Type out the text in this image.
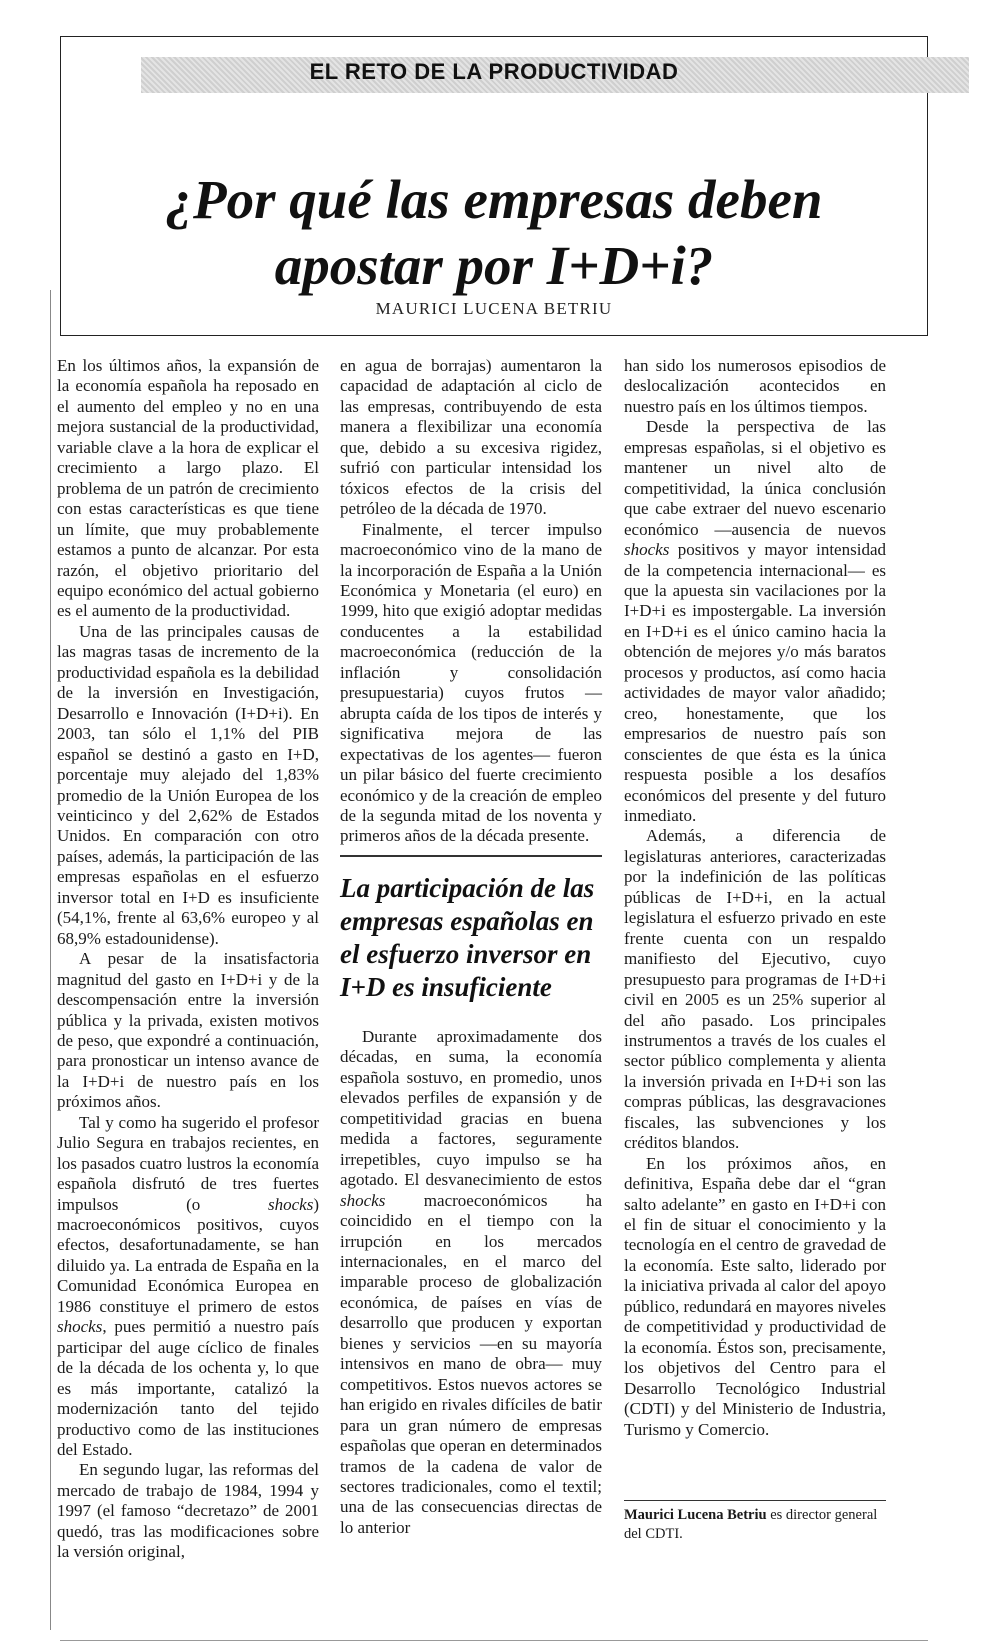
EL RETO DE LA PRODUCTIVIDAD
¿Por qué las empresas deben
apostar por I+D+i?
MAURICI LUCENA BETRIU

En los últimos años, la expansión de la economía española ha reposado en el aumento del empleo y no en una mejora sustancial de la productividad, variable clave a la hora de explicar el crecimiento a largo plazo. El problema de un patrón de crecimiento con estas características es que tiene un límite, que muy probablemente estamos a punto de alcanzar. Por esta razón, el objetivo prioritario del equipo económico del actual gobierno es el aumento de la productividad.

Una de las principales causas de las magras tasas de incremento de la productividad española es la debilidad de la inversión en Investigación, Desarrollo e Innovación (I+D+i). En 2003, tan sólo el 1,1% del PIB español se destinó a gasto en I+D, porcentaje muy alejado del 1,83% promedio de la Unión Europea de los veinticinco y del 2,62% de Estados Unidos. En comparación con otro países, además, la participación de las empresas españolas en el esfuerzo inversor total en I+D es insuficiente (54,1%, frente al 63,6% europeo y al 68,9% estadounidense).

A pesar de la insatisfactoria magnitud del gasto en I+D+i y de la descompensación entre la inversión pública y la privada, existen motivos de peso, que expondré a continuación, para pronosticar un intenso avance de la I+D+i de nuestro país en los próximos años.

Tal y como ha sugerido el profesor Julio Segura en trabajos recientes, en los pasados cuatro lustros la economía española disfrutó de tres fuertes impulsos (o shocks) macroeconómicos positivos, cuyos efectos, desafortunadamente, se han diluido ya. La entrada de España en la Comunidad Económica Europea en 1986 constituye el primero de estos shocks, pues permitió a nuestro país participar del auge cíclico de finales de la década de los ochenta y, lo que es más importante, catalizó la modernización tanto del tejido productivo como de las instituciones del Estado.

En segundo lugar, las reformas del mercado de trabajo de 1984, 1994 y 1997 (el famoso “decretazo” de 2001 quedó, tras las modificaciones sobre la versión original,

en agua de borrajas) aumentaron la capacidad de adaptación al ciclo de las empresas, contribuyendo de esta manera a flexibilizar una economía que, debido a su excesiva rigidez, sufrió con particular intensidad los tóxicos efectos de la crisis del petróleo de la década de 1970.

Finalmente, el tercer impulso macroeconómico vino de la mano de la incorporación de España a la Unión Económica y Monetaria (el euro) en 1999, hito que exigió adoptar medidas conducentes a la estabilidad macroeconómica (reducción de la inflación y consolidación presupuestaria) cuyos frutos —abrupta caída de los tipos de interés y significativa mejora de las expectativas de los agentes— fueron un pilar básico del fuerte crecimiento económico y de la creación de empleo de la segunda mitad de los noventa y primeros años de la década presente.

La participación de las empresas españolas en el esfuerzo inversor en I+D es insuficiente

Durante aproximadamente dos décadas, en suma, la economía española sostuvo, en promedio, unos elevados perfiles de expansión y de competitividad gracias en buena medida a factores, seguramente irrepetibles, cuyo impulso se ha agotado. El desvanecimiento de estos shocks macroeconómicos ha coincidido en el tiempo con la irrupción en los mercados internacionales, en el marco del imparable proceso de globalización económica, de países en vías de desarrollo que producen y exportan bienes y servicios —en su mayoría intensivos en mano de obra— muy competitivos. Estos nuevos actores se han erigido en rivales difíciles de batir para un gran número de empresas españolas que operan en determinados tramos de la cadena de valor de sectores tradicionales, como el textil; una de las consecuencias directas de lo anterior

han sido los numerosos episodios de deslocalización acontecidos en nuestro país en los últimos tiempos.

Desde la perspectiva de las empresas españolas, si el objetivo es mantener un nivel alto de competitividad, la única conclusión que cabe extraer del nuevo escenario económico —ausencia de nuevos shocks positivos y mayor intensidad de la competencia internacional— es que la apuesta sin vacilaciones por la I+D+i es impostergable. La inversión en I+D+i es el único camino hacia la obtención de mejores y/o más baratos procesos y productos, así como hacia actividades de mayor valor añadido; creo, honestamente, que los empresarios de nuestro país son conscientes de que ésta es la única respuesta posible a los desafíos económicos del presente y del futuro inmediato.

Además, a diferencia de legislaturas anteriores, caracterizadas por la indefinición de las políticas públicas de I+D+i, en la actual legislatura el esfuerzo privado en este frente cuenta con un respaldo manifiesto del Ejecutivo, cuyo presupuesto para programas de I+D+i civil en 2005 es un 25% superior al del año pasado. Los principales instrumentos a través de los cuales el sector público complementa y alienta la inversión privada en I+D+i son las compras públicas, las desgravaciones fiscales, las subvenciones y los créditos blandos.

En los próximos años, en definitiva, España debe dar el “gran salto adelante” en gasto en I+D+i con el fin de situar el conocimiento y la tecnología en el centro de gravedad de la economía. Este salto, liderado por la iniciativa privada al calor del apoyo público, redundará en mayores niveles de competitividad y productividad de la economía. Éstos son, precisamente, los objetivos del Centro para el Desarrollo Tecnológico Industrial (CDTI) y del Ministerio de Industria, Turismo y Comercio.

Maurici Lucena Betriu es director general del CDTI.
